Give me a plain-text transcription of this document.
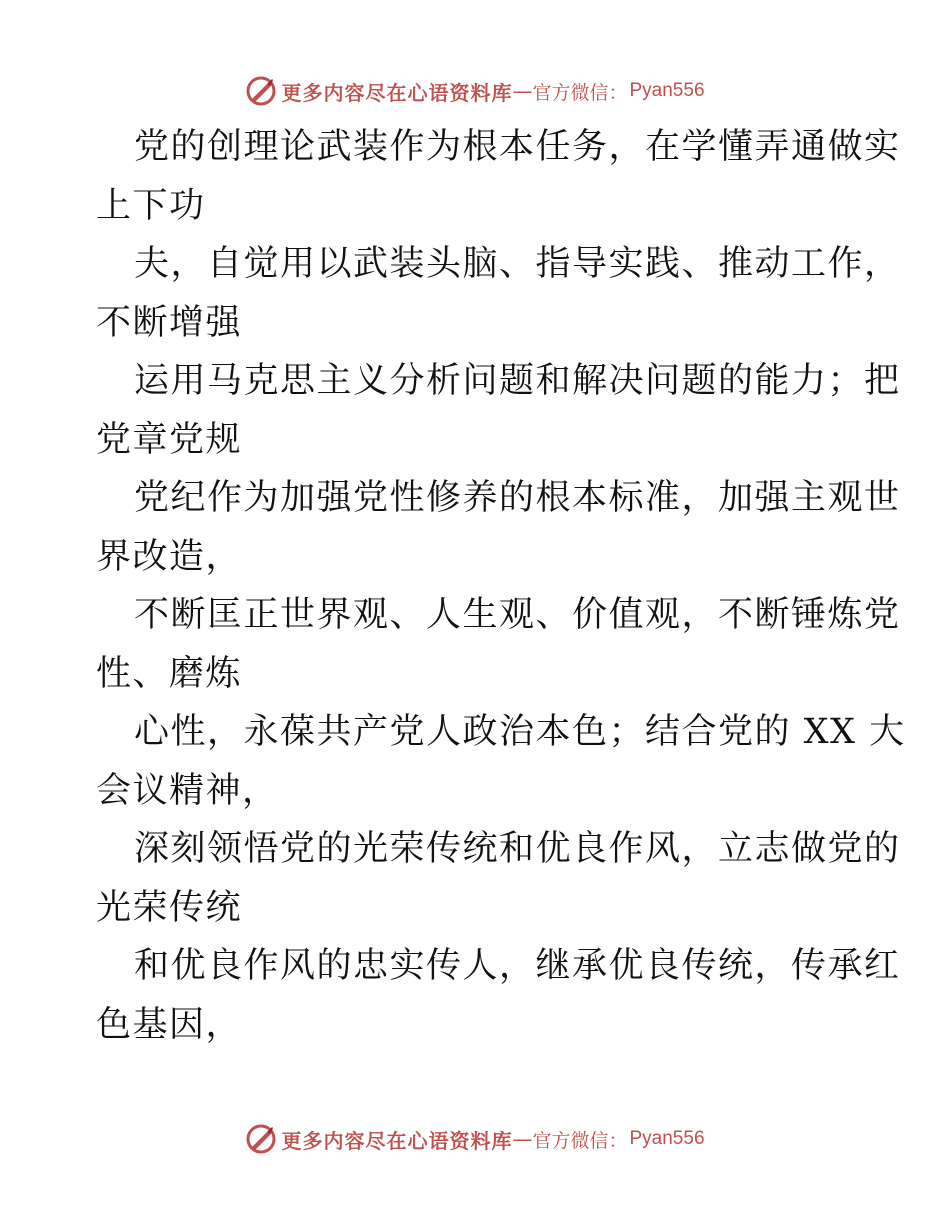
更多内容尽在心语资料库 — 官方微信： Pyan556
党的创理论武装作为根本任务，在学懂弄通做实
上下功
夫，自觉用以武装头脑、指导实践、推动工作，
不断增强
运用马克思主义分析问题和解决问题的能力；把
党章党规
党纪作为加强党性修养的根本标准，加强主观世
界改造，
不断匡正世界观、人生观、价值观，不断锤炼党
性、磨炼
心性，永葆共产党人政治本色；结合党的 XX 大
会议精神，
深刻领悟党的光荣传统和优良作风，立志做党的
光荣传统
和优良作风的忠实传人，继承优良传统，传承红
色基因，
更多内容尽在心语资料库 — 官方微信： Pyan556
